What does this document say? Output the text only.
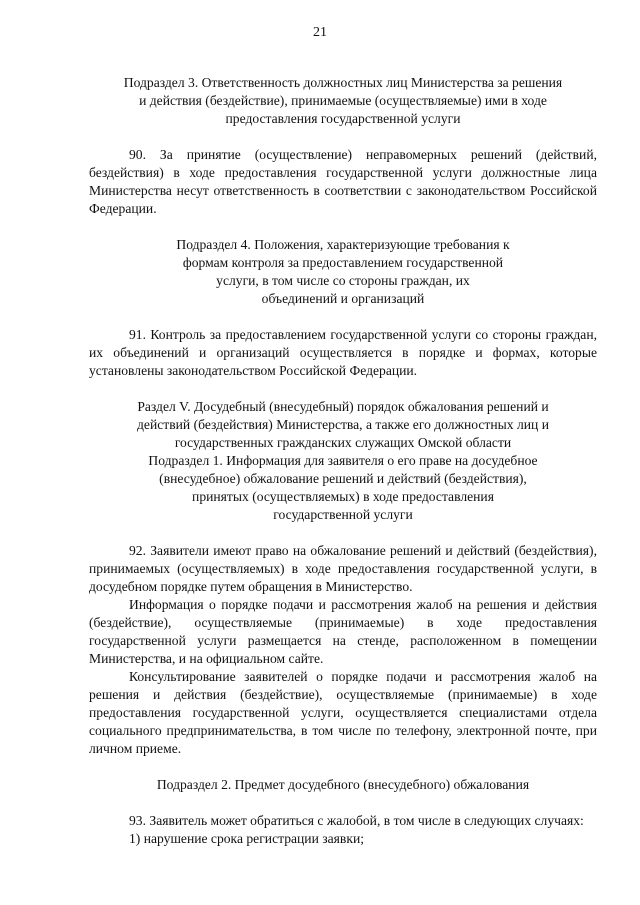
21
Подраздел 3. Ответственность должностных лиц Министерства за решения
и действия (бездействие), принимаемые (осуществляемые) ими в ходе
предоставления государственной услуги

90. За принятие (осуществление) неправомерных решений (действий, бездействия) в ходе предоставления государственной услуги должностные лица Министерства несут ответственность в соответствии с законодательством Российской Федерации.

Подраздел 4. Положения, характеризующие требования к
формам контроля за предоставлением государственной
услуги, в том числе со стороны граждан, их
объединений и организаций

91. Контроль за предоставлением государственной услуги со стороны граждан, их объединений и организаций осуществляется в порядке и формах, которые установлены законодательством Российской Федерации.

Раздел V. Досудебный (внесудебный) порядок обжалования решений и
действий (бездействия) Министерства, а также его должностных лиц и
государственных гражданских служащих Омской области
Подраздел 1. Информация для заявителя о его праве на досудебное
(внесудебное) обжалование решений и действий (бездействия),
принятых (осуществляемых) в ходе предоставления
государственной услуги

92. Заявители имеют право на обжалование решений и действий (бездействия), принимаемых (осуществляемых) в ходе предоставления государственной услуги, в досудебном порядке путем обращения в Министерство.

Информация о порядке подачи и рассмотрения жалоб на решения и действия (бездействие), осуществляемые (принимаемые) в ходе предоставления государственной услуги размещается на стенде, расположенном в помещении Министерства, и на официальном сайте.

Консультирование заявителей о порядке подачи и рассмотрения жалоб на решения и действия (бездействие), осуществляемые (принимаемые) в ходе предоставления государственной услуги, осуществляется специалистами отдела социального предпринимательства, в том числе по телефону, электронной почте, при личном приеме.

Подраздел 2. Предмет досудебного (внесудебного) обжалования

93. Заявитель может обратиться с жалобой, в том числе в следующих случаях:

1) нарушение срока регистрации заявки;
